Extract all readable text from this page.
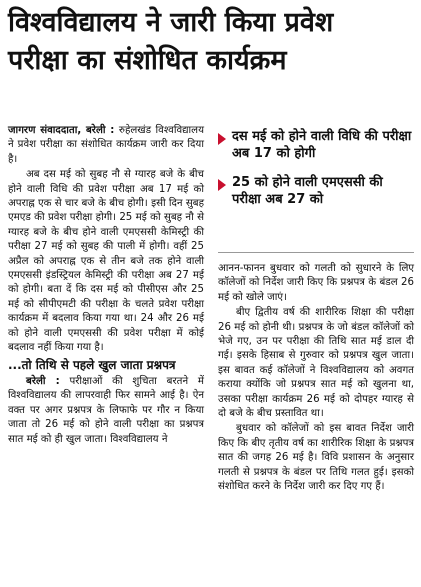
विश्वविद्यालय ने जारी किया प्रवेश
परीक्षा का संशोधित कार्यक्रम

जागरण संवाददाता, बरेली : रुहेलखंड विश्वविद्यालय ने प्रवेश परीक्षा का संशोधित कार्यक्रम जारी कर दिया है।

अब दस मई को सुबह नौ से ग्यारह बजे के बीच होने वाली विधि की प्रवेश परीक्षा अब 17 मई को अपराह्न एक से चार बजे के बीच होगी। इसी दिन सुबह एमएड की प्रवेश परीक्षा होगी। 25 मई को सुबह नौ से ग्यारह बजे के बीच होने वाली एमएससी केमिस्ट्री की परीक्षा 27 मई को सुबह की पाली में होगी। वहीं 25 अप्रैल को अपराह्न एक से तीन बजे तक होने वाली एमएससी इंडस्ट्रियल केमिस्ट्री की परीक्षा अब 27 मई को होगी। बता दें कि दस मई को पीसीएस और 25 मई को सीपीएमटी की परीक्षा के चलते प्रवेश परीक्षा कार्यक्रम में बदलाव किया गया था। 24 और 26 मई को होने वाली एमएससी की प्रवेश परीक्षा में कोई बदलाव नहीं किया गया है।

...तो तिथि से पहले खुल जाता प्रश्नपत्र

बरेली : परीक्षाओं की शुचिता बरतने में विश्वविद्यालय की लापरवाही फिर सामने आई है। ऐन वक्त पर अगर प्रश्नपत्र के लिफाफे पर गौर न किया जाता तो 26 मई को होने वाली परीक्षा का प्रश्नपत्र सात मई को ही खुल जाता। विश्वविद्यालय ने

दस मई को होने वाली विधि की परीक्षा अब 17 को होगी
25 को होने वाली एमएससी की परीक्षा अब 27 को

आनन-फानन बुधवार को गलती को सुधारने के लिए कॉलेजों को निर्देश जारी किए कि प्रश्नपत्र के बंडल 26 मई को खोले जाएं।

बीए द्वितीय वर्ष की शारीरिक शिक्षा की परीक्षा 26 मई को होनी थी। प्रश्नपत्र के जो बंडल कॉलेजों को भेजे गए, उन पर परीक्षा की तिथि सात मई डाल दी गई। इसके हिसाब से गुरुवार को प्रश्नपत्र खुल जाता। इस बावत कई कॉलेजों ने विश्वविद्यालय को अवगत कराया क्योंकि जो प्रश्नपत्र सात मई को खुलना था, उसका परीक्षा कार्यक्रम 26 मई को दोपहर ग्यारह से दो बजे के बीच प्रस्तावित था।

बुधवार को कॉलेजों को इस बावत निर्देश जारी किए कि बीए तृतीय वर्ष का शारीरिक शिक्षा के प्रश्नपत्र सात की जगह 26 मई है। विवि प्रशासन के अनुसार गलती से प्रश्नपत्र के बंडल पर तिथि गलत हुई। इसको संशोधित करने के निर्देश जारी कर दिए गए हैं।
